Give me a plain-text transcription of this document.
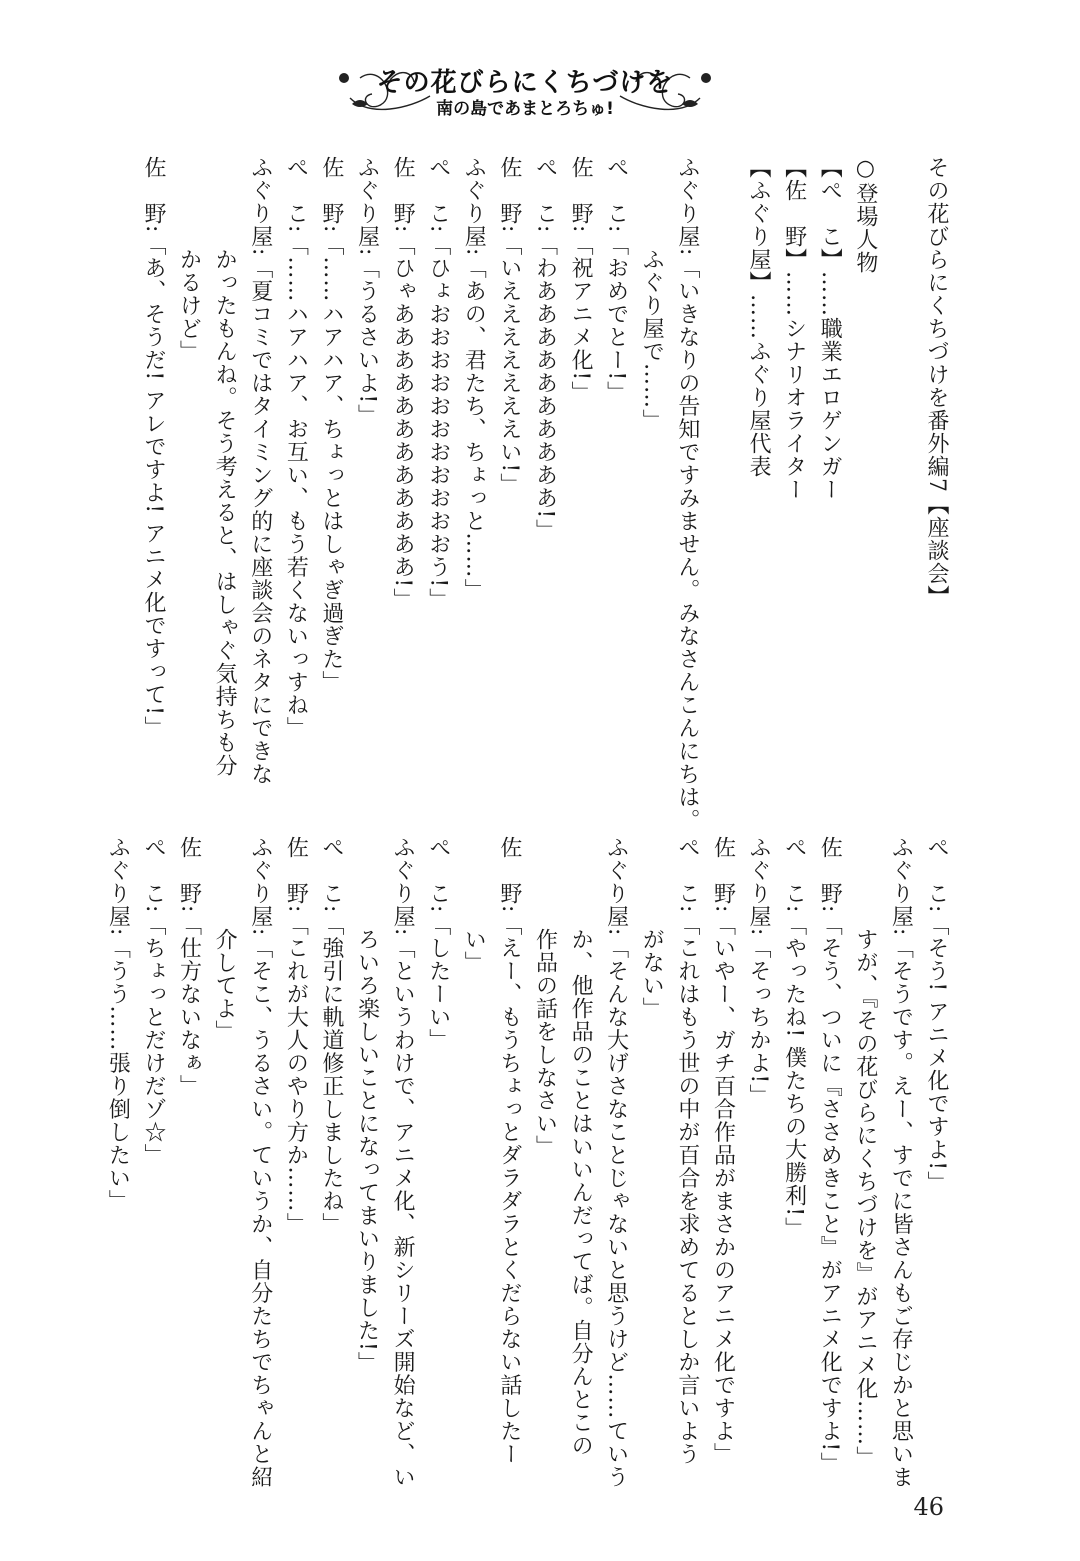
その花びらにくちづけを
南の島であまとろちゅ!
その花びらにくちづけを番外編7【座談会】
○登場人物
【ぺ　こ】……職業エロゲンガー
【佐　野】……シナリオライター
【ふぐり屋】……ふぐり屋代表
ふぐり屋:「いきなりの告知ですみません。みなさんこんにちは。
　　　　ふぐり屋で……」
ぺ　こ:「おめでとー!」
佐　野:「祝アニメ化!」
ぺ　こ:「わああああああああああ!」
佐　野:「いえええええええい!」
ふぐり屋:「あの、君たち、ちょっと……」
ぺ　こ:「ひょおおおおおおおおおおおう!」
佐　野:「ひゃああああああああああああ!」
ふぐり屋:「うるさいよ!」
佐　野:「……ハアハア、ちょっとはしゃぎ過ぎた」
ぺ　こ:「……ハアハア、お互い、もう若くないっすね」
ふぐり屋:「夏コミではタイミング的に座談会のネタにできな
　　　　かったもんね。そう考えると、はしゃぐ気持ちも分
　　　　かるけど」
佐　野:「あ、そうだ! アレですよ! アニメ化ですって!」
ぺ　こ:「そう! アニメ化ですよ!」
ふぐり屋:「そうです。えー、すでに皆さんもご存じかと思いま
　　　　すが、『その花びらにくちづけを』がアニメ化……」
佐　野:「そう、ついに『ささめきこと』がアニメ化ですよ!」
ぺ　こ:「やったね! 僕たちの大勝利!」
ふぐり屋:「そっちかよ!」
佐　野:「いやー、ガチ百合作品がまさかのアニメ化ですよ」
ぺ　こ:「これはもう世の中が百合を求めてるとしか言いよう
　　　　がない」
ふぐり屋:「そんな大げさなことじゃないと思うけど……ていう
　　　　か、他作品のことはいいんだってば。自分んとこの
　　　　作品の話をしなさい」
佐　野:「えー、もうちょっとダラダラとくだらない話したー
　　　　い」
ぺ　こ:「したーい」
ふぐり屋:「というわけで、アニメ化、新シリーズ開始など、い
　　　　ろいろ楽しいことになってまいりました!」
ぺ　こ:「強引に軌道修正しましたね」
佐　野:「これが大人のやり方か……」
ふぐり屋:「そこ、うるさい。ていうか、自分たちでちゃんと紹
　　　　介してよ」
佐　野:「仕方ないなぁ」
ぺ　こ:「ちょっとだけだゾ☆」
ふぐり屋:「うう……張り倒したい」
46
